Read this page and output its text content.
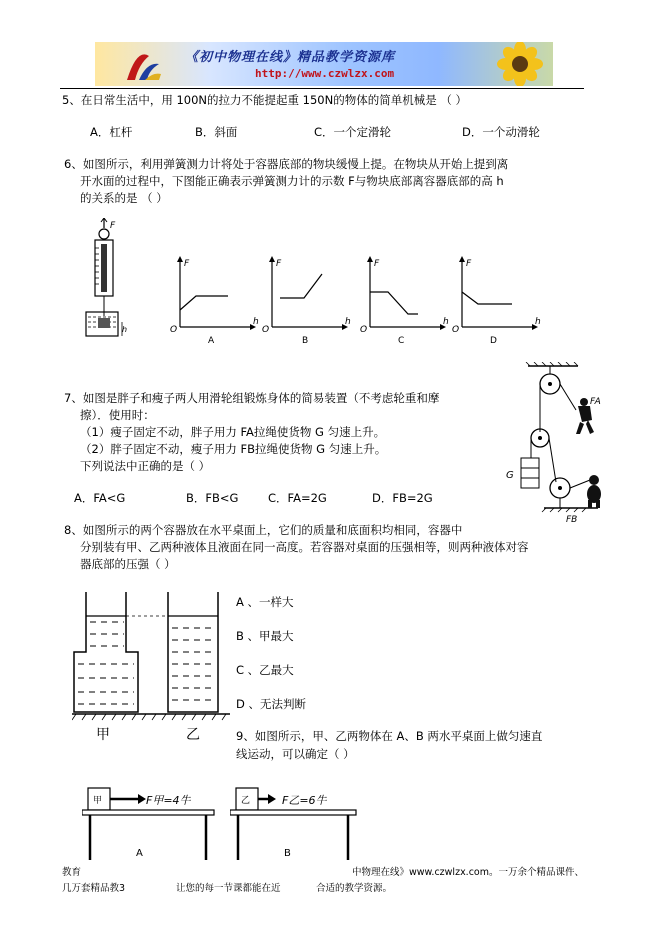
《初中物理在线》精品教学资源库
http://www.czwlzx.com
5、在日常生活中，用 100N的拉力不能提起重 150N的物体的简单机械是 （ ）
A．杠杆	B．斜面	C．一个定滑轮	D．一个动滑轮
6、如图所示，利用弹簧测力计将处于容器底部的物块缓慢上提。在物块从开始上提到离
开水面的过程中，下图能正确表示弹簧测力计的示数 F与物块底部离容器底部的高 h
的关系的是 （ ）
F
h
F
h
O
A
F
h
O
B
F
h
O
C
F
h
O
D
7、如图是胖子和瘦子两人用滑轮组锻炼身体的简易装置（不考虑轮重和摩
擦）．使用时：
（1）瘦子固定不动，胖子用力 FA拉绳使货物 G 匀速上升。
（2）胖子固定不动，瘦子用力 FB拉绳使货物 G 匀速上升。
下列说法中正确的是（ ）
A．FA<G	B．FB<G	C．FA=2G	D．FB=2G
G
FA
FB
8、如图所示的两个容器放在水平桌面上，它们的质量和底面积均相同，容器中
分别装有甲、乙两种液体且液面在同一高度。若容器对桌面的压强相等，则两种液体对容
器底部的压强（ ）
甲	乙
A 、一样大
B 、甲最大
C 、乙最大
D 、无法判断
9、如图所示，甲、乙两物体在 A、B 两水平桌面上做匀速直
线运动，可以确定（ ）
甲	F甲=4牛
A
乙	F乙=6牛
B
教育	中物理在线》www.czwlzx.com。一万余个精品课件、
几万套精品教3	让您的每一节课都能在近	合适的教学资源。
